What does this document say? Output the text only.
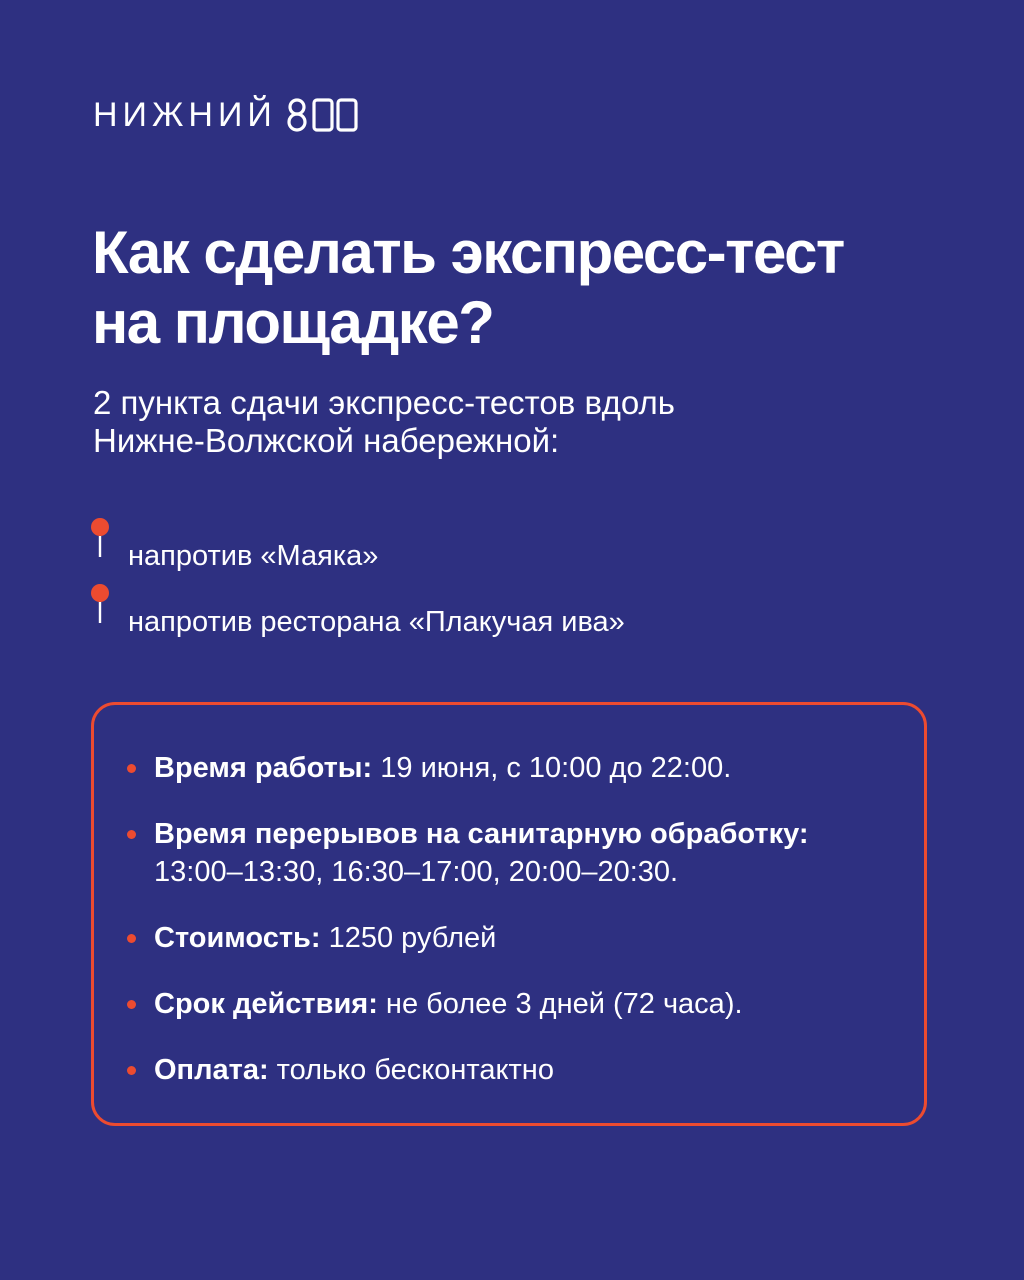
НИЖНИЙ
Как сделать экспресс-тест
на площадке?

2 пункта сдачи экспресс-тестов вдоль
Нижне-Волжской набережной:

напротив «Маяка»
напротив ресторана «Плакучая ива»
Время работы: 19 июня, с 10:00 до 22:00.
Время перерывов на санитарную обработку:
13:00–13:30, 16:30–17:00, 20:00–20:30.
Стоимость: 1250 рублей
Срок действия: не более 3 дней (72 часа).
Оплата: только бесконтактно
